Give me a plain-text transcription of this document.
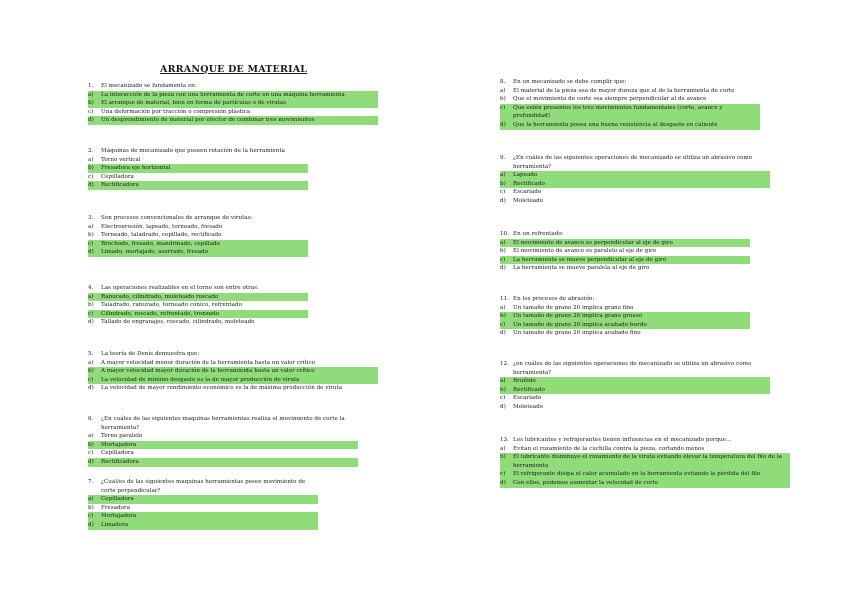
ARRANQUE DE MATERIAL
1.	El mecanizado se fundamenta en:
a)	La interacción de la pieza con una herramienta de corte en una máquina herramienta
b)	El arranque de material, bien en forma de partículas o de virutas
c)	Una deformación por tracción o compresión plástica
d)	Un desprendimiento de material por efector de combinar tres movimientos
2.	Máquinas de mecanizado que poseen rotación de la herramienta
a)	Torno vertical
b)	Fresadora eje horizontal
c)	Cepilladora
d)	Rectificadora
3.	Son procesos convencionales de arranque de virutas:
a)	Electroerosión, lapeado, torneado, fresado
b)	Torneado, taladrado, cepillado, rectificado
c)	Brochado, fresado, mandrinado, cepillado
d)	Limado, mortajado, aserrado, fresado
4.	Las operaciones realizables en el torno son entre otras:
a)	Ranurado, cilindrado, moleteado roscado
b)	Taladrado, ranurado, torneado cónico, refrentado
c)	Cilindrado, roscado, refrentado, tronzado
d)	Tallado de engranajes, roscado, cilindrado, moleteado
5.	La teoría de Denis demuestra que:
a)	A mayor velocidad menor duración de la herramienta hasta un valor crítico
b)	A mayor velocidad mayor duración de la herramienta hasta un valor crítico
c)	La velocidad de mínimo desgaste es la de mayor producción de viruta
d)	La velocidad de mayor rendimiento económico es la de máxima producción de viruta
6.	¿En cuáles de las siguientes maquinas herramientas realiza el movimiento de corte la herramienta?
a)	Torno paralelo
b)	Mortajadora
c)	Cepilladora
d)	Rectificadora
7.	¿Cuál/es de las siguientes maquinas herramientas posee movimiento de corte perpendicular?
a)	Cepilladora
b)	Fresadora
c)	Mortajadora
d)	Limadora
8.	En un mecanizado se debe cumplir que:
a)	El material de la pieza sea de mayor dureza que el de la herramienta de corte
b)	Que el movimiento de corte sea siempre perpendicular al de avance
c)	Que estén presentes los tres movimientos fundamentales (corte, avance y profundidad)
d)	Que la herramienta posea una buena resistencia al desgaste en caliente
9.	¿En cuáles de las siguientes operaciones de mecanizado se utiliza un abrasivo como herramienta?
a)	Lapeado
b)	Rectificado
c)	Escariado
d)	Moleteado
10. En un refrentado:
a)	El movimiento de avance es perpendicular al eje de giro
b)	El movimiento de avance es paralelo al eje de giro
c)	La herramienta se mueve perpendicular al eje de giro
d)	La herramienta se mueve paralela al eje de giro
11. En los procesos de abrasión:
a)	Un tamaño de grano 20 implica grano fino
b)	Un tamaño de grano 20 implica grano grueso
c)	Un tamaño de grano 20 implica acabado burdo
d)	Un tamaño de grano 20 implica acabado fino
12. ¿en cuáles de las siguientes operaciones de mecanizado se utiliza un abrasivo como herramienta?
a)	Bruñido
b)	Rectificado
c)	Escariado
d)	Moleteado
13. Los lubricantes y refrigerantes tienen influencias en el mecanizado porque…
a)	Evitan el rozamiento de la cuchilla contra la pieza, cortando menos
b)	El lubricante disminuye el rozamiento de la viruta evitando elevar la temperatura del filo de la herramienta
c)	El refrigerante disipa el calor acumulado en la herramienta evitando la pérdida del filo
d)	Con ellos, podemos aumentar la velocidad de corte
